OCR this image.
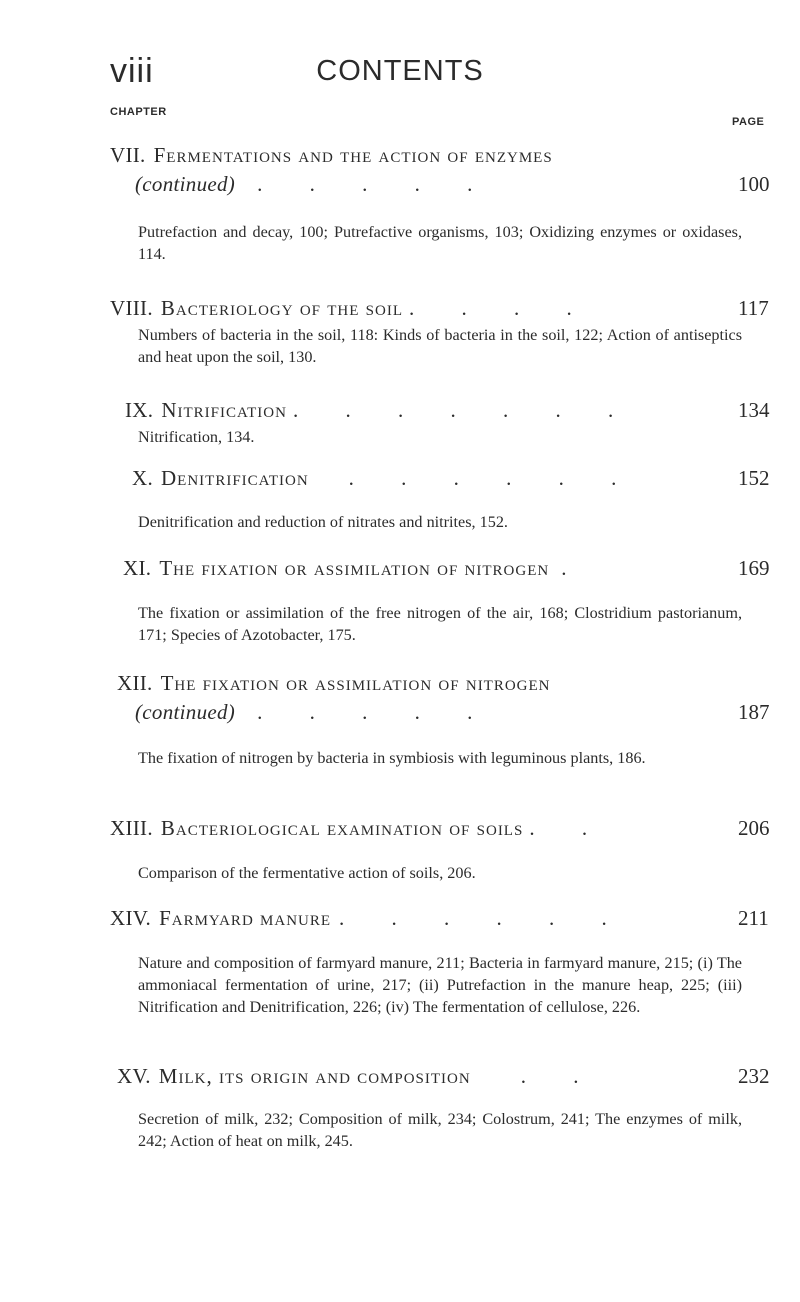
viii	CONTENTS
CHAPTER
PAGE
VII. Fermentations and the action of enzymes
(continued) . . . . .	100
Putrefaction and decay, 100; Putrefactive organisms, 103; Oxidizing enzymes or oxidases, 114.
VIII. Bacteriology of the soil . . . .	117
Numbers of bacteria in the soil, 118: Kinds of bacteria in the soil, 122; Action of antiseptics and heat upon the soil, 130.
IX. Nitrification . . . . . . .	134
Nitrification, 134.
X. Denitrification . . . . . .	152
Denitrification and reduction of nitrates and nitrites, 152.
XI. The fixation or assimilation of nitrogen .	169
The fixation or assimilation of the free nitrogen of the air, 168; Clostridium pastorianum, 171; Species of Azotobacter, 175.
XII. The fixation or assimilation of nitrogen
(continued) . . . . .	187
The fixation of nitrogen by bacteria in symbiosis with leguminous plants, 186.
XIII. Bacteriological examination of soils . .	206
Comparison of the fermentative action of soils, 206.
XIV. Farmyard manure . . . . . .	211
Nature and composition of farmyard manure, 211; Bacteria in farmyard manure, 215; (i) The ammoniacal fermentation of urine, 217; (ii) Putrefaction in the manure heap, 225; (iii) Nitrification and Denitrification, 226; (iv) The fermentation of cellulose, 226.
XV. Milk, its origin and composition . .	232
Secretion of milk, 232; Composition of milk, 234; Colostrum, 241; The enzymes of milk, 242; Action of heat on milk, 245.
